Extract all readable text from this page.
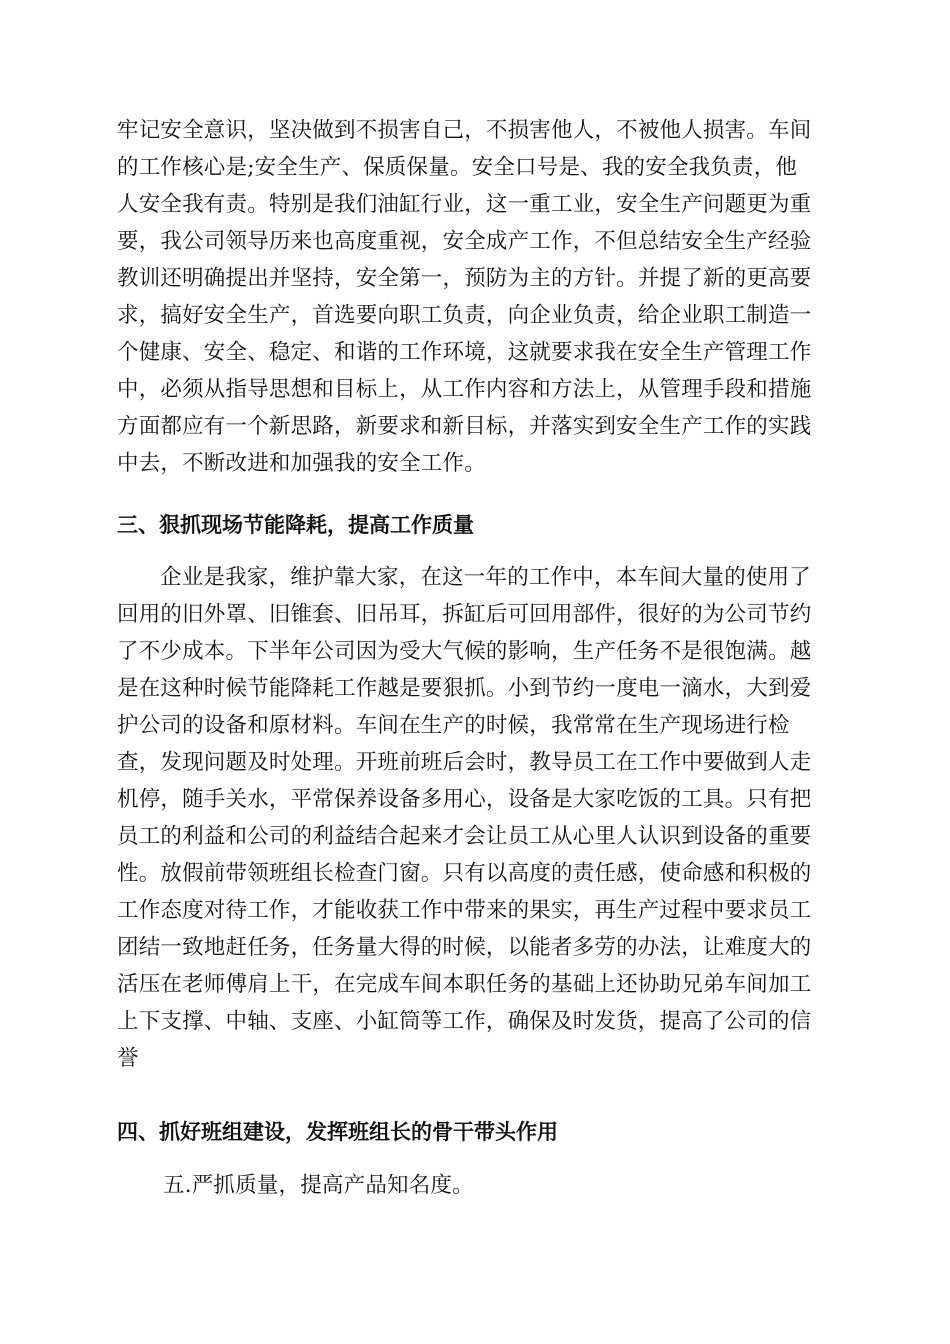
牢记安全意识，坚决做到不损害自己，不损害他人，不被他人损害。车间
的工作核心是;安全生产、保质保量。安全口号是、我的安全我负责，他
人安全我有责。特别是我们油缸行业，这一重工业，安全生产问题更为重
要，我公司领导历来也高度重视，安全成产工作，不但总结安全生产经验
教训还明确提出并坚持，安全第一，预防为主的方针。并提了新的更高要
求，搞好安全生产，首选要向职工负责，向企业负责，给企业职工制造一
个健康、安全、稳定、和谐的工作环境，这就要求我在安全生产管理工作
中，必须从指导思想和目标上，从工作内容和方法上，从管理手段和措施
方面都应有一个新思路，新要求和新目标，并落实到安全生产工作的实践
中去，不断改进和加强我的安全工作。
三、狠抓现场节能降耗，提高工作质量
企业是我家，维护靠大家，在这一年的工作中，本车间大量的使用了
回用的旧外罩、旧锥套、旧吊耳，拆缸后可回用部件，很好的为公司节约
了不少成本。下半年公司因为受大气候的影响，生产任务不是很饱满。越
是在这种时候节能降耗工作越是要狠抓。小到节约一度电一滴水，大到爱
护公司的设备和原材料。车间在生产的时候，我常常在生产现场进行检
查，发现问题及时处理。开班前班后会时，教导员工在工作中要做到人走
机停，随手关水，平常保养设备多用心，设备是大家吃饭的工具。只有把
员工的利益和公司的利益结合起来才会让员工从心里人认识到设备的重要
性。放假前带领班组长检查门窗。只有以高度的责任感，使命感和积极的
工作态度对待工作，才能收获工作中带来的果实，再生产过程中要求员工
团结一致地赶任务，任务量大得的时候，以能者多劳的办法，让难度大的
活压在老师傅肩上干，在完成车间本职任务的基础上还协助兄弟车间加工
上下支撑、中轴、支座、小缸筒等工作，确保及时发货，提高了公司的信
誉
四、抓好班组建设，发挥班组长的骨干带头作用
五.严抓质量，提高产品知名度。
